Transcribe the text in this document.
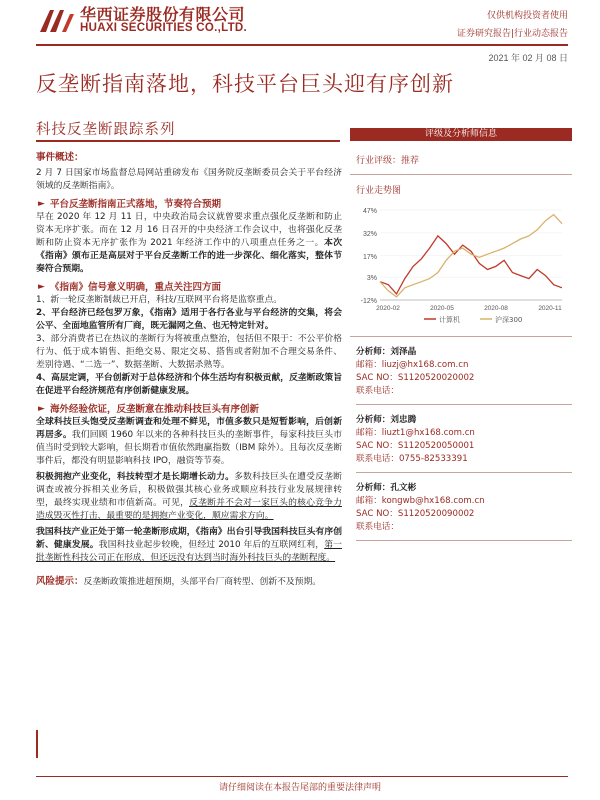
华西证券股份有限公司
HUAXI SECURITIES CO.,LTD.
仅供机构投资者使用
证券研究报告|行业动态报告
2021 年 02 月 08 日
反垄断指南落地，科技平台巨头迎有序创新
科技反垄断跟踪系列
事件概述：

2 月 7 日国家市场监督总局网站重磅发布《国务院反垄断委员会关于平台经济领域的反垄断指南》。

► 平台反垄断指南正式落地，节奏符合预期

早在 2020 年 12 月 11 日，中央政治局会议就曾要求重点强化反垄断和防止资本无序扩张。而在 12 月 16 日召开的中央经济工作会议中，也将强化反垄断和防止资本无序扩张作为 2021 年经济工作中的八项重点任务之一。本次《指南》颁布正是高层对于平台反垄断工作的进一步深化、细化落实，整体节奏符合预期。

► 《指南》信号意义明确，重点关注四方面

1、新一轮反垄断制裁已开启，科技/互联网平台将是监察重点。

2、平台经济已经包罗万象，《指南》适用于各行各业与平台经济的交集，将会公平、全面地监管所有厂商，既无漏网之鱼、也无特定针对。

3、部分消费者已在热议的垄断行为将被重点整治，包括但不限于：不公平价格行为、低于成本销售、拒绝交易、限定交易、搭售或者附加不合理交易条件、差别待遇、“二选一”、数据垄断、大数据杀熟等。

4、高层定调，平台创新对于总体经济和个体生活均有积极贡献，反垄断政策旨在促进平台经济规范有序创新健康发展。

► 海外经验依证，反垄断意在推动科技巨头有序创新

全球科技巨头饱受反垄断调查和处理不鲜见，市值多数只是短暂影响，后创新再居多。我们回顾 1960 年以来的各种科技巨头的垄断事件，每家科技巨头市值当时受到较大影响，但长期看市值依然跑赢指数（IBM 除外）。且每次反垄断事件后，都没有明显影响科技 IPO，融资等节奏。

积极拥抱产业变化，科技转型才是长期增长动力。多数科技巨头在遭受反垄断调查或被分拆相关业务后，积极做强其核心业务或顺应科技行业发展规律转型，最终实现业绩和市值新高。可见，反垄断并不会对一家巨头的核心竞争力造成毁灭性打击，最重要的是拥抱产业变化，顺应需求方向。

我国科技产业正处于第一轮垄断形成期，《指南》出台引导我国科技巨头有序创新、健康发展。我国科技业起步较晚，但经过 2010 年后的互联网红利，第一批垄断性科技公司正在形成，但还远没有达到当时海外科技巨头的垄断程度。

风险提示：反垄断政策推进超预期，头部平台厂商转型、创新不及预期。

评级及分析师信息
行业评级：推荐
行业走势图
47%
32%
17%
3%
-12%
2020-02	2020-05	2020-08	2020-11
计算机	沪深300
分析师：刘泽晶
邮箱：liuzj@hx168.com.cn
SAC NO：S1120520020002
联系电话：
分析师：刘忠腾
邮箱：liuzt1@hx168.com.cn
SAC NO：S1120520050001
联系电话：0755-82533391
分析师：孔文彬
邮箱：kongwb@hx168.com.cn
SAC NO：S1120520090002
联系电话：
请仔细阅读在本报告尾部的重要法律声明
